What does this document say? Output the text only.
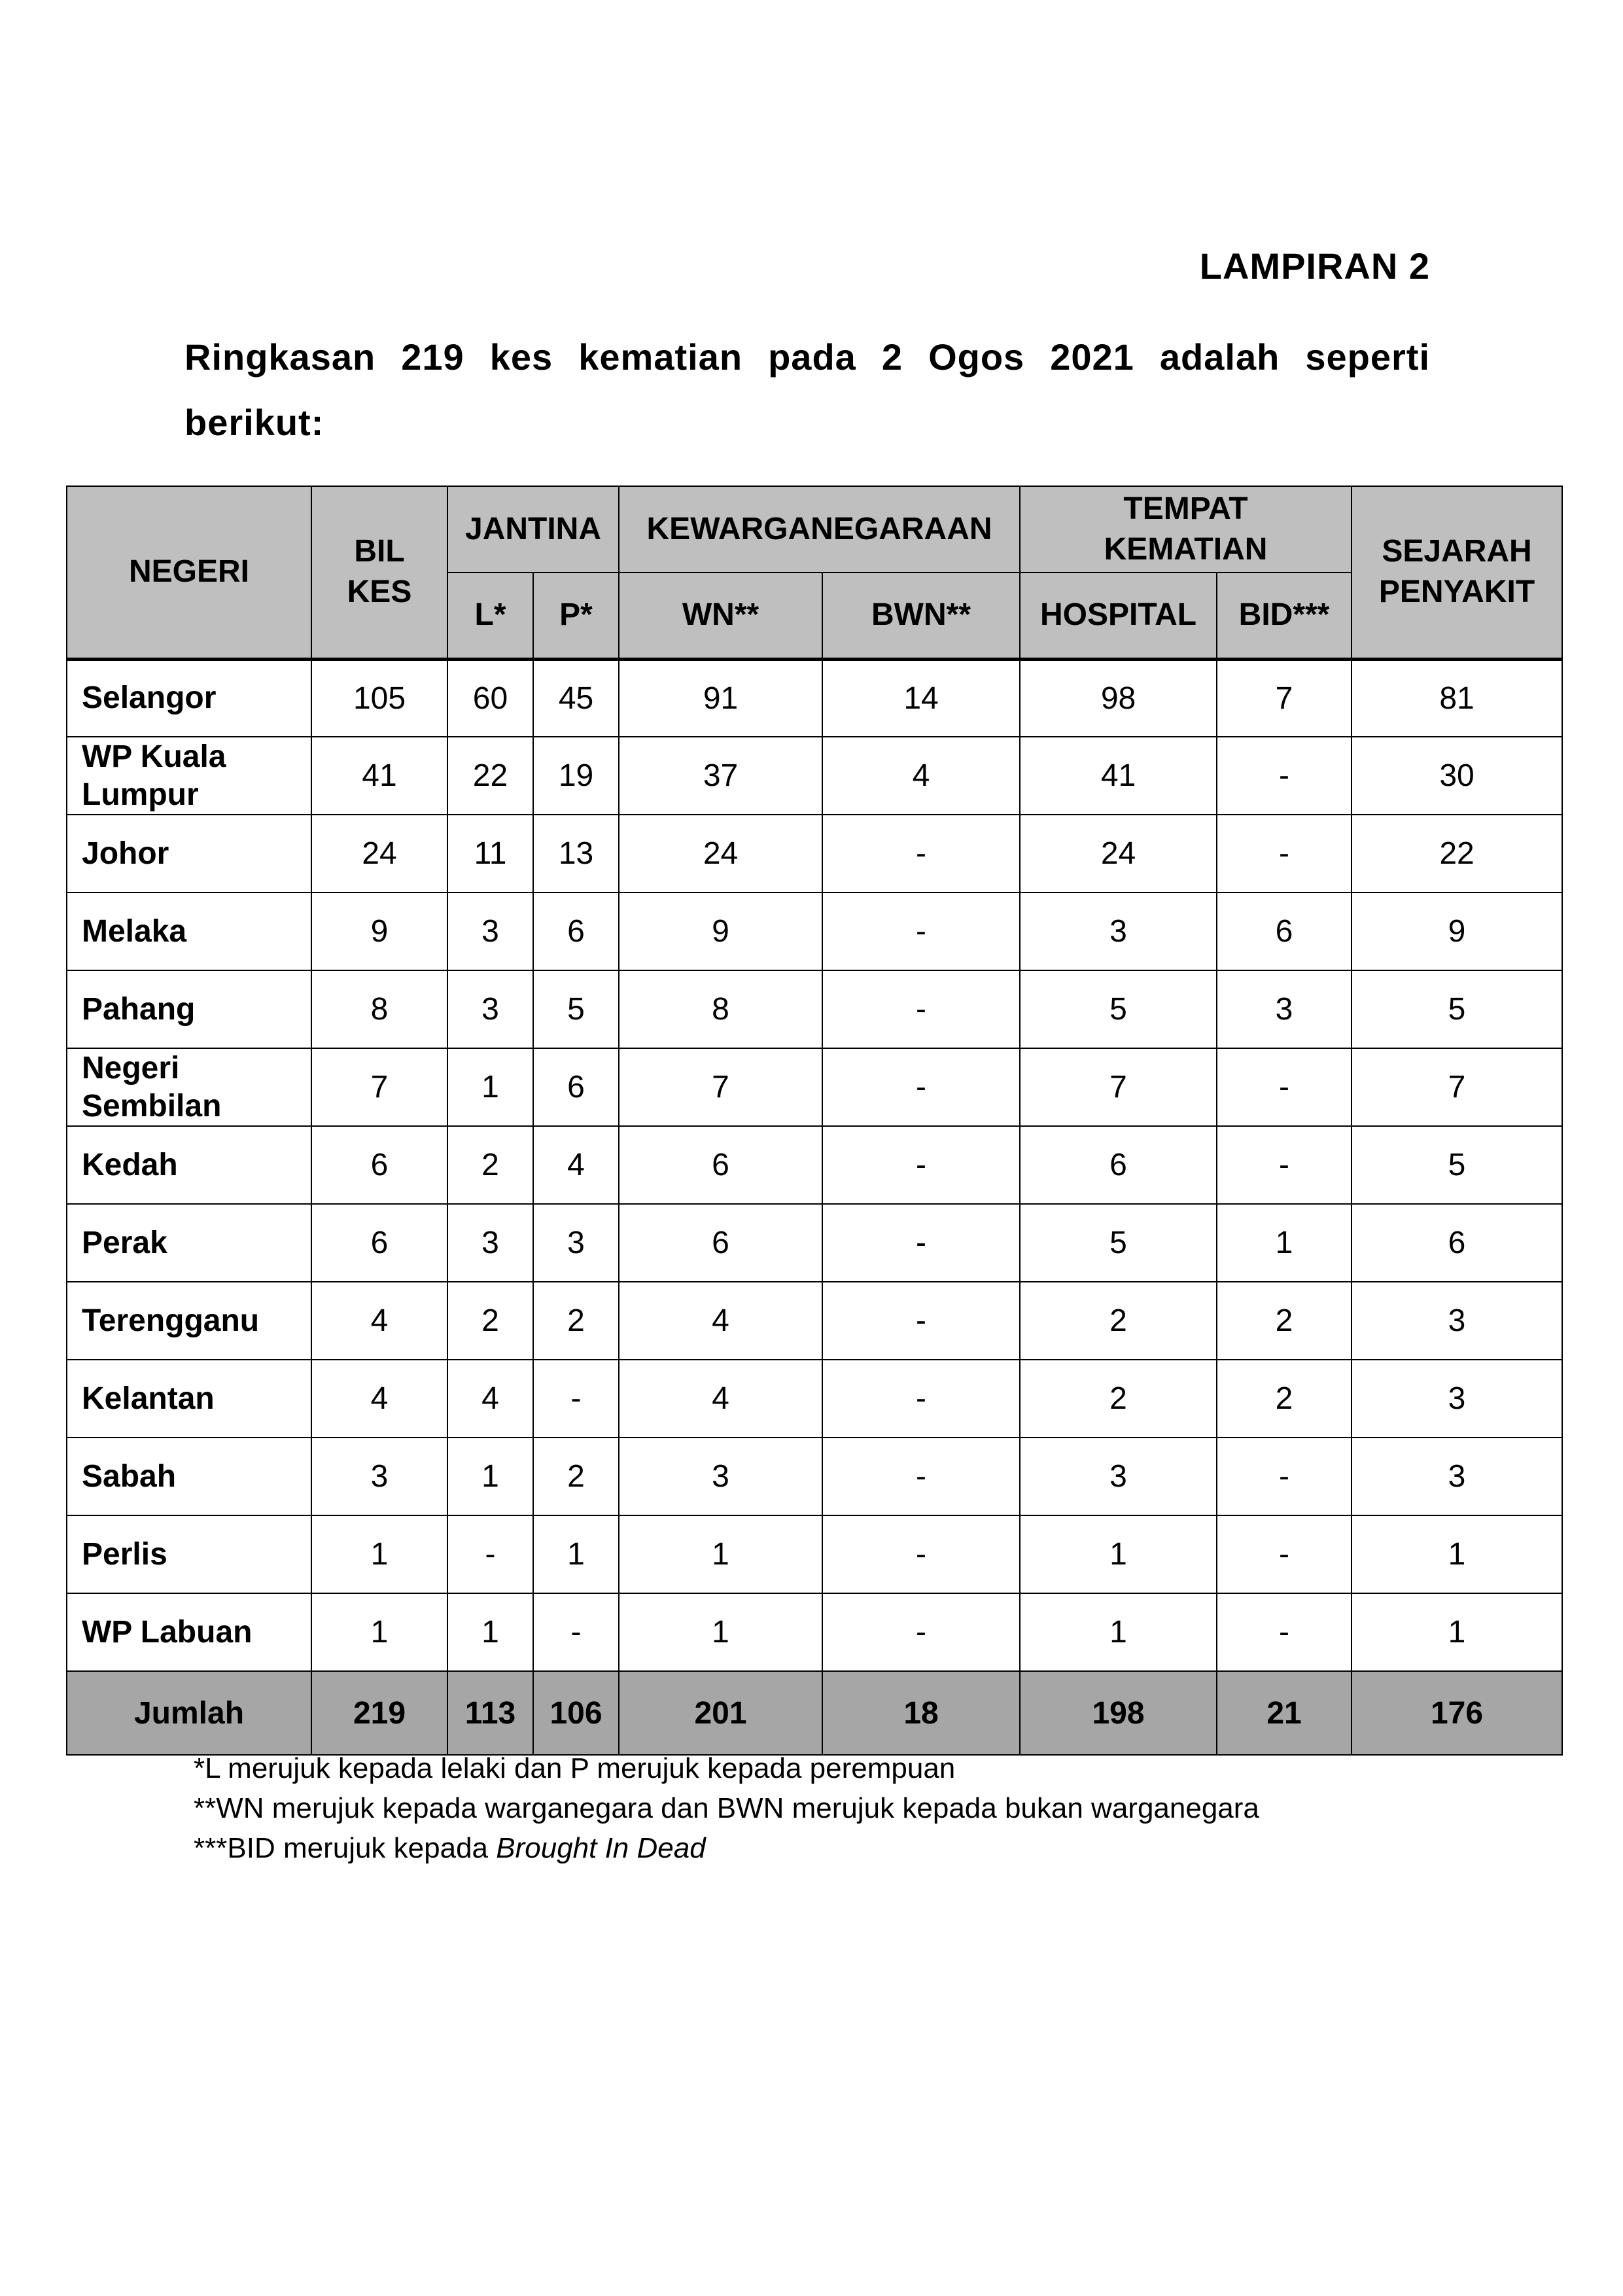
LAMPIRAN 2
Ringkasan 219 kes kematian pada 2 Ogos 2021 adalah seperti berikut:
NEGERI	BIL KES	JANTINA		KEWARGANEGARAAN		TEMPAT KEMATIAN		SEJARAH PENYAKIT
		L*	P*	WN**	BWN**	HOSPITAL	BID***	
Selangor	105	60	45	91	14	98	7	81
WP Kuala Lumpur	41	22	19	37	4	41	-	30
Johor	24	11	13	24	-	24	-	22
Melaka	9	3	6	9	-	3	6	9
Pahang	8	3	5	8	-	5	3	5
Negeri Sembilan	7	1	6	7	-	7	-	7
Kedah	6	2	4	6	-	6	-	5
Perak	6	3	3	6	-	5	1	6
Terengganu	4	2	2	4	-	2	2	3
Kelantan	4	4	-	4	-	2	2	3
Sabah	3	1	2	3	-	3	-	3
Perlis	1	-	1	1	-	1	-	1
WP Labuan	1	1	-	1	-	1	-	1
Jumlah	219	113	106	201	18	198	21	176
*L merujuk kepada lelaki dan P merujuk kepada perempuan
**WN merujuk kepada warganegara dan BWN merujuk kepada bukan warganegara
***BID merujuk kepada Brought In Dead
